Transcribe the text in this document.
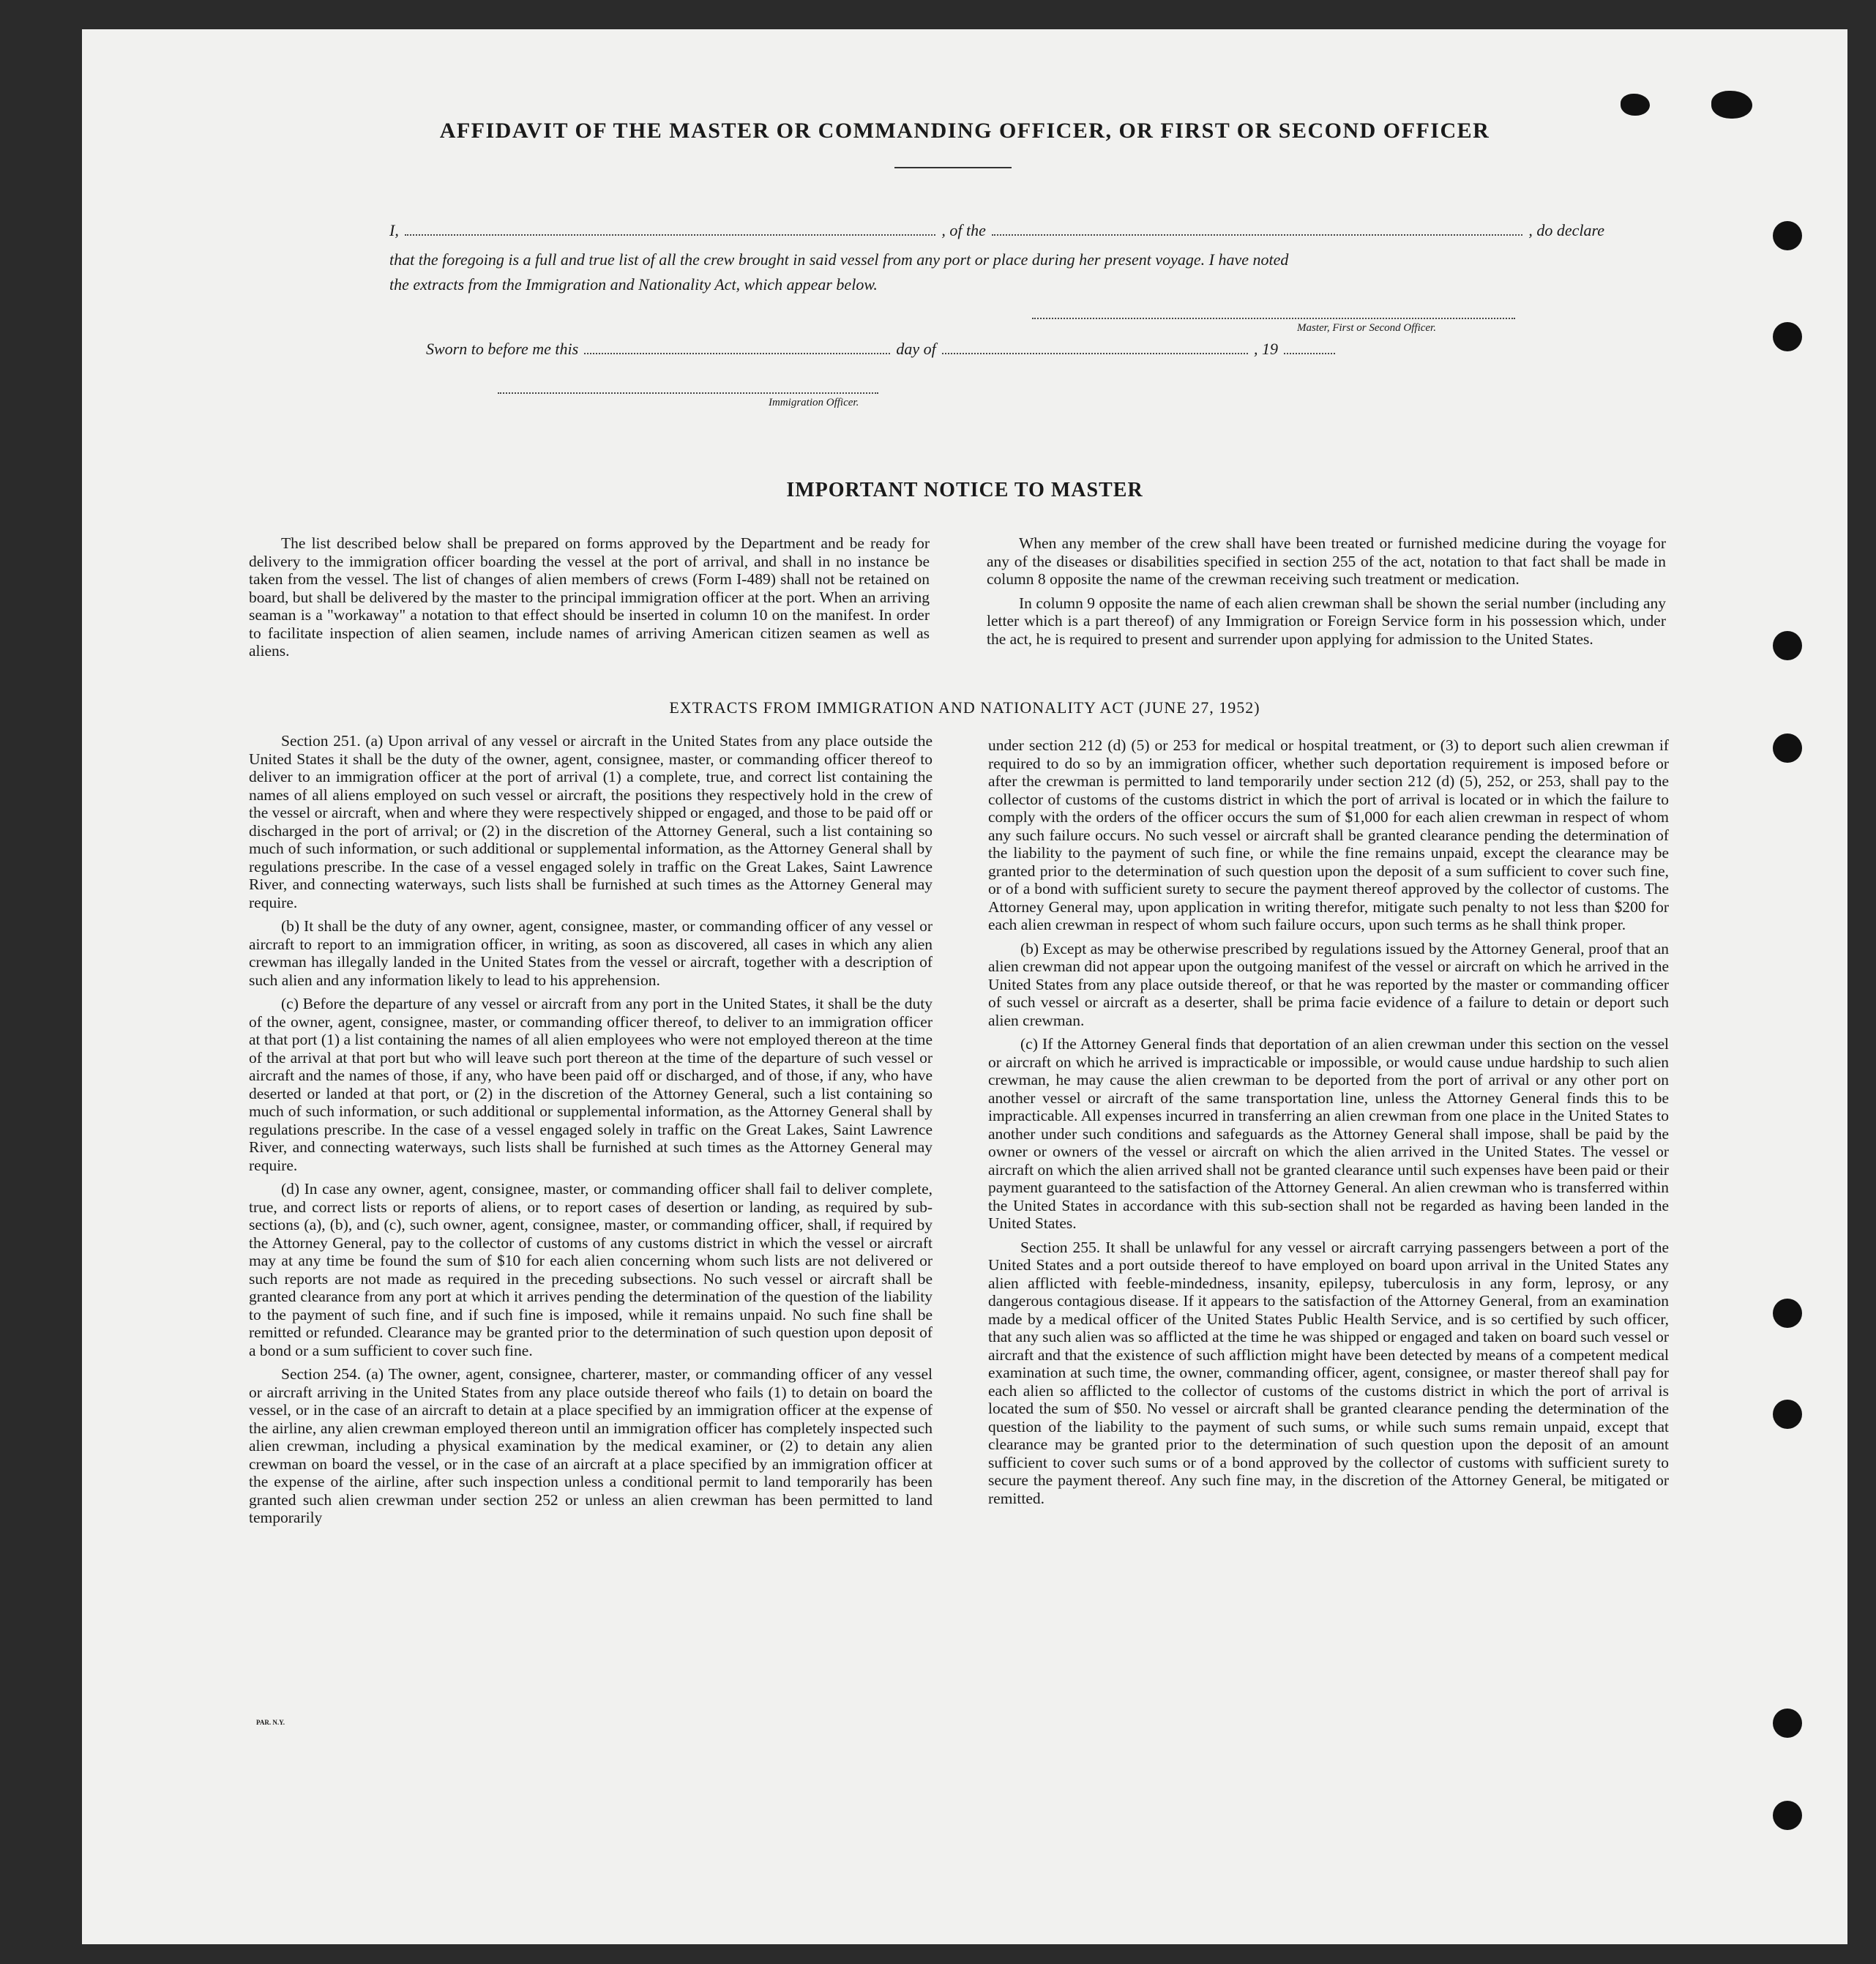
AFFIDAVIT OF THE MASTER OR COMMANDING OFFICER, OR FIRST OR SECOND OFFICER
I,	, of the	, do declare
that the foregoing is a full and true list of all the crew brought in said vessel from any port or place during her present voyage. I have noted
the extracts from the Immigration and Nationality Act, which appear below.
Master, First or Second Officer.
Sworn to before me this	day of	, 19
Immigration Officer.
IMPORTANT NOTICE TO MASTER

The list described below shall be prepared on forms approved by the Department and be ready for delivery to the immigration officer boarding the vessel at the port of arrival, and shall in no instance be taken from the vessel. The list of changes of alien members of crews (Form I-489) shall not be retained on board, but shall be delivered by the master to the principal immigration officer at the port. When an arriving seaman is a "workaway" a notation to that effect should be inserted in column 10 on the manifest. In order to facilitate inspection of alien seamen, include names of arriving American citizen seamen as well as aliens.

When any member of the crew shall have been treated or furnished medicine during the voyage for any of the diseases or disabilities specified in section 255 of the act, notation to that fact shall be made in column 8 opposite the name of the crewman receiving such treatment or medication.

In column 9 opposite the name of each alien crewman shall be shown the serial number (including any letter which is a part thereof) of any Immigration or Foreign Service form in his possession which, under the act, he is required to present and surrender upon applying for admission to the United States.

EXTRACTS FROM IMMIGRATION AND NATIONALITY ACT (JUNE 27, 1952)

Section 251. (a) Upon arrival of any vessel or aircraft in the United States from any place outside the United States it shall be the duty of the owner, agent, consignee, master, or commanding officer thereof to deliver to an immigration officer at the port of arrival (1) a complete, true, and correct list containing the names of all aliens employed on such vessel or aircraft, the positions they respectively hold in the crew of the vessel or aircraft, when and where they were respectively shipped or engaged, and those to be paid off or discharged in the port of arrival; or (2) in the discretion of the Attorney General, such a list containing so much of such information, or such additional or supplemental information, as the Attorney General shall by regulations prescribe. In the case of a vessel engaged solely in traffic on the Great Lakes, Saint Lawrence River, and connecting waterways, such lists shall be furnished at such times as the Attorney General may require.

(b) It shall be the duty of any owner, agent, consignee, master, or commanding officer of any vessel or aircraft to report to an immigration officer, in writing, as soon as discovered, all cases in which any alien crewman has illegally landed in the United States from the vessel or aircraft, together with a description of such alien and any information likely to lead to his apprehension.

(c) Before the departure of any vessel or aircraft from any port in the United States, it shall be the duty of the owner, agent, consignee, master, or commanding officer thereof, to deliver to an immigration officer at that port (1) a list containing the names of all alien employees who were not employed thereon at the time of the arrival at that port but who will leave such port thereon at the time of the departure of such vessel or aircraft and the names of those, if any, who have been paid off or discharged, and of those, if any, who have deserted or landed at that port, or (2) in the discretion of the Attorney General, such a list containing so much of such information, or such additional or supplemental information, as the Attorney General shall by regulations prescribe. In the case of a vessel engaged solely in traffic on the Great Lakes, Saint Lawrence River, and connecting waterways, such lists shall be furnished at such times as the Attorney General may require.

(d) In case any owner, agent, consignee, master, or commanding officer shall fail to deliver complete, true, and correct lists or reports of aliens, or to report cases of desertion or landing, as required by sub-sections (a), (b), and (c), such owner, agent, consignee, master, or commanding officer, shall, if required by the Attorney General, pay to the collector of customs of any customs district in which the vessel or aircraft may at any time be found the sum of $10 for each alien concerning whom such lists are not delivered or such reports are not made as required in the preceding subsections. No such vessel or aircraft shall be granted clearance from any port at which it arrives pending the determination of the question of the liability to the payment of such fine, and if such fine is imposed, while it remains unpaid. No such fine shall be remitted or refunded. Clearance may be granted prior to the determination of such question upon deposit of a bond or a sum sufficient to cover such fine.

Section 254. (a) The owner, agent, consignee, charterer, master, or commanding officer of any vessel or aircraft arriving in the United States from any place outside thereof who fails (1) to detain on board the vessel, or in the case of an aircraft to detain at a place specified by an immigration officer at the expense of the airline, any alien crewman employed thereon until an immigration officer has completely inspected such alien crewman, including a physical examination by the medical examiner, or (2) to detain any alien crewman on board the vessel, or in the case of an aircraft at a place specified by an immigration officer at the expense of the airline, after such inspection unless a conditional permit to land temporarily has been granted such alien crewman under section 252 or unless an alien crewman has been permitted to land temporarily

under section 212 (d) (5) or 253 for medical or hospital treatment, or (3) to deport such alien crewman if required to do so by an immigration officer, whether such deportation requirement is imposed before or after the crewman is permitted to land temporarily under section 212 (d) (5), 252, or 253, shall pay to the collector of customs of the customs district in which the port of arrival is located or in which the failure to comply with the orders of the officer occurs the sum of $1,000 for each alien crewman in respect of whom any such failure occurs. No such vessel or aircraft shall be granted clearance pending the determination of the liability to the payment of such fine, or while the fine remains unpaid, except the clearance may be granted prior to the determination of such question upon the deposit of a sum sufficient to cover such fine, or of a bond with sufficient surety to secure the payment thereof approved by the collector of customs. The Attorney General may, upon application in writing therefor, mitigate such penalty to not less than $200 for each alien crewman in respect of whom such failure occurs, upon such terms as he shall think proper.

(b) Except as may be otherwise prescribed by regulations issued by the Attorney General, proof that an alien crewman did not appear upon the outgoing manifest of the vessel or aircraft on which he arrived in the United States from any place outside thereof, or that he was reported by the master or commanding officer of such vessel or aircraft as a deserter, shall be prima facie evidence of a failure to detain or deport such alien crewman.

(c) If the Attorney General finds that deportation of an alien crewman under this section on the vessel or aircraft on which he arrived is impracticable or impossible, or would cause undue hardship to such alien crewman, he may cause the alien crewman to be deported from the port of arrival or any other port on another vessel or aircraft of the same transportation line, unless the Attorney General finds this to be impracticable. All expenses incurred in transferring an alien crewman from one place in the United States to another under such conditions and safeguards as the Attorney General shall impose, shall be paid by the owner or owners of the vessel or aircraft on which the alien arrived in the United States. The vessel or aircraft on which the alien arrived shall not be granted clearance until such expenses have been paid or their payment guaranteed to the satisfaction of the Attorney General. An alien crewman who is transferred within the United States in accordance with this sub-section shall not be regarded as having been landed in the United States.

Section 255. It shall be unlawful for any vessel or aircraft carrying passengers between a port of the United States and a port outside thereof to have employed on board upon arrival in the United States any alien afflicted with feeble-mindedness, insanity, epilepsy, tuberculosis in any form, leprosy, or any dangerous contagious disease. If it appears to the satisfaction of the Attorney General, from an examination made by a medical officer of the United States Public Health Service, and is so certified by such officer, that any such alien was so afflicted at the time he was shipped or engaged and taken on board such vessel or aircraft and that the existence of such affliction might have been detected by means of a competent medical examination at such time, the owner, commanding officer, agent, consignee, or master thereof shall pay for each alien so afflicted to the collector of customs of the customs district in which the port of arrival is located the sum of $50. No vessel or aircraft shall be granted clearance pending the determination of the question of the liability to the payment of such sums, or while such sums remain unpaid, except that clearance may be granted prior to the determination of such question upon the deposit of an amount sufficient to cover such sums or of a bond approved by the collector of customs with sufficient surety to secure the payment thereof. Any such fine may, in the discretion of the Attorney General, be mitigated or remitted.

PAR. N.Y.
